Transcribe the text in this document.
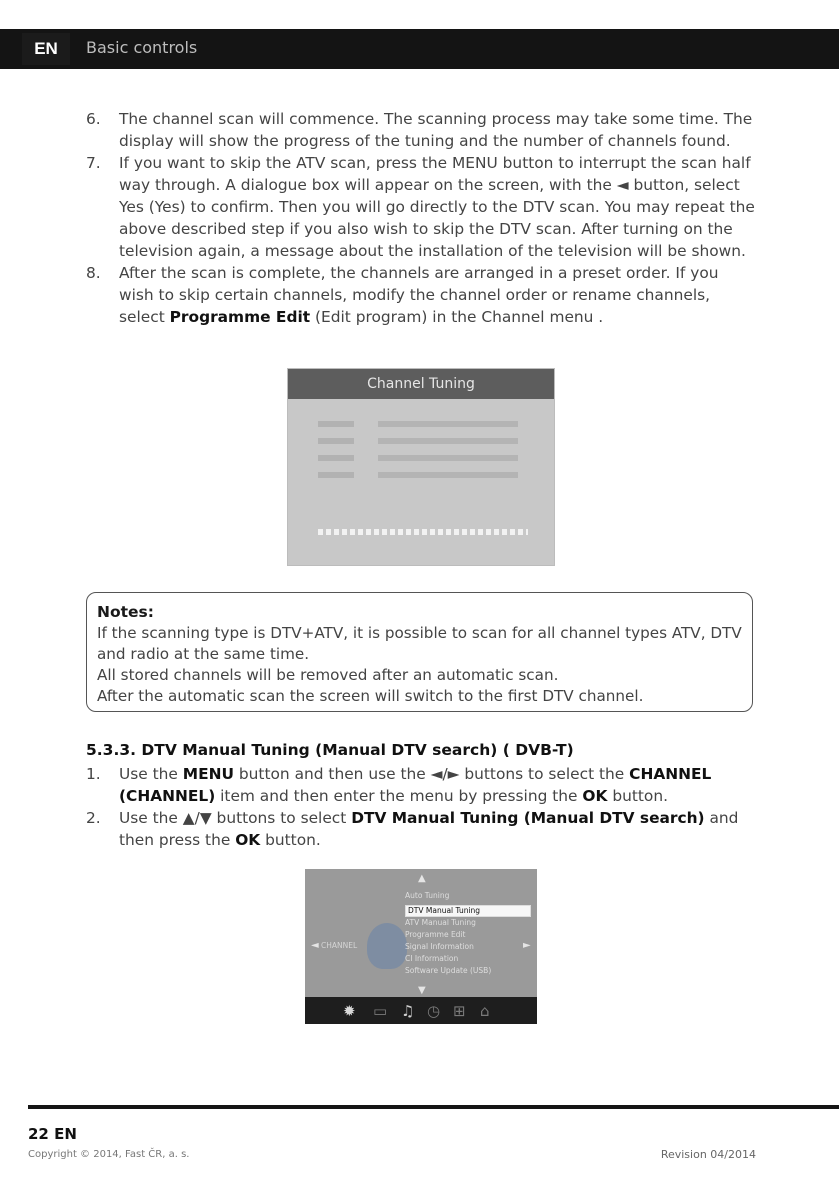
EN	Basic controls
6. The channel scan will commence. The scanning process may take some time. The display will show the progress of the tuning and the number of channels found.
7. If you want to skip the ATV scan, press the MENU button to interrupt the scan half way through. A dialogue box will appear on the screen, with the ◄ button, select Yes (Yes) to confirm. Then you will go directly to the DTV scan. You may repeat the above described step if you also wish to skip the DTV scan. After turning on the television again, a message about the installation of the television will be shown.
8. After the scan is complete, the channels are arranged in a preset order. If you wish to skip certain channels, modify the channel order or rename channels, select Programme Edit (Edit program) in the Channel menu .
Channel Tuning
Notes:
If the scanning type is DTV+ATV, it is possible to scan for all channel types ATV, DTV and radio at the same time.
All stored channels will be removed after an automatic scan.
After the automatic scan the screen will switch to the first DTV channel.
5.3.3. DTV Manual Tuning (Manual DTV search) ( DVB-T)
1. Use the MENU button and then use the ◄/► buttons to select the CHANNEL (CHANNEL) item and then enter the menu by pressing the OK button.
2. Use the ▲/▼ buttons to select DTV Manual Tuning (Manual DTV search) and then press the OK button.
▲
◄ CHANNEL	►
Auto Tuning
DTV Manual Tuning
ATV Manual Tuning
Programme Edit
Signal Information
CI Information
Software Update (USB)
▼
✹ ▭ ♫ ◷ ⊞ ⌂
22 EN
Copyright © 2014, Fast ČR, a. s.	Revision 04/2014
